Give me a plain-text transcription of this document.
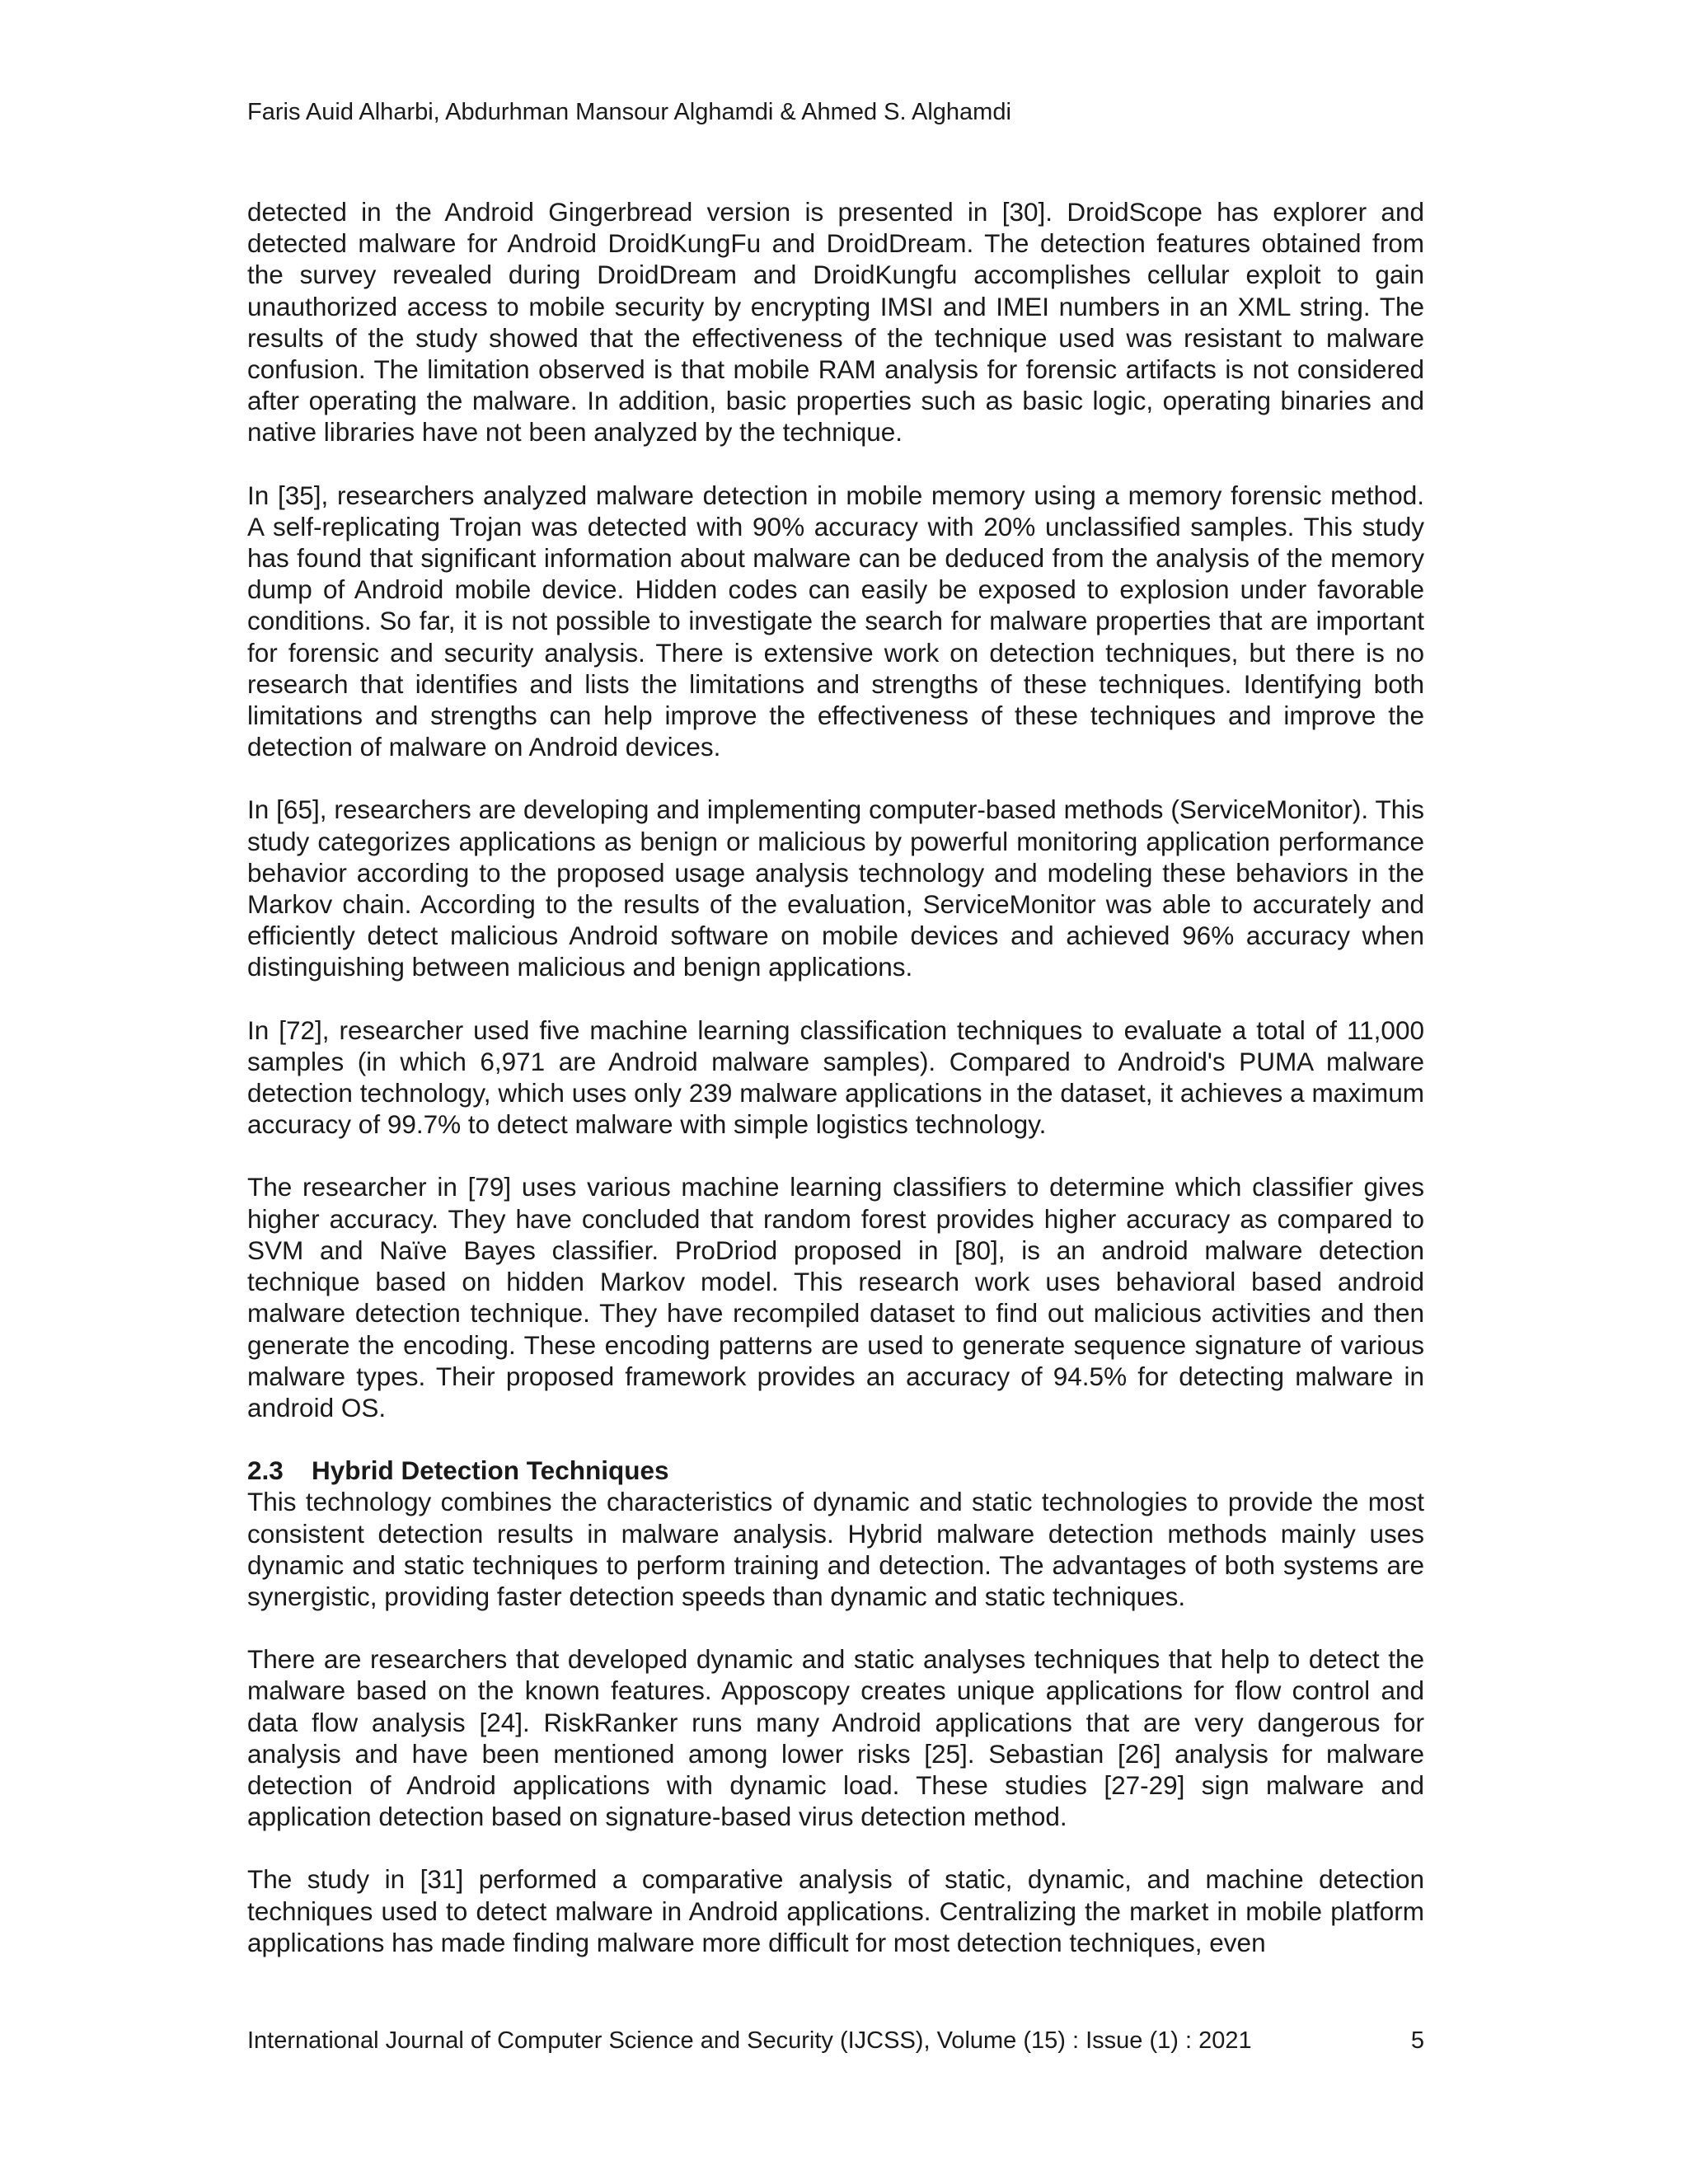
Faris Auid Alharbi, Abdurhman Mansour Alghamdi & Ahmed S. Alghamdi

detected in the Android Gingerbread version is presented in [30]. DroidScope has explorer and detected malware for Android DroidKungFu and DroidDream. The detection features obtained from the survey revealed during DroidDream and DroidKungfu accomplishes cellular exploit to gain unauthorized access to mobile security by encrypting IMSI and IMEI numbers in an XML string. The results of the study showed that the effectiveness of the technique used was resistant to malware confusion. The limitation observed is that mobile RAM analysis for forensic artifacts is not considered after operating the malware. In addition, basic properties such as basic logic, operating binaries and native libraries have not been analyzed by the technique.

In [35], researchers analyzed malware detection in mobile memory using a memory forensic method. A self-replicating Trojan was detected with 90% accuracy with 20% unclassified samples. This study has found that significant information about malware can be deduced from the analysis of the memory dump of Android mobile device. Hidden codes can easily be exposed to explosion under favorable conditions. So far, it is not possible to investigate the search for malware properties that are important for forensic and security analysis. There is extensive work on detection techniques, but there is no research that identifies and lists the limitations and strengths of these techniques. Identifying both limitations and strengths can help improve the effectiveness of these techniques and improve the detection of malware on Android devices.

In [65], researchers are developing and implementing computer-based methods (ServiceMonitor). This study categorizes applications as benign or malicious by powerful monitoring application performance behavior according to the proposed usage analysis technology and modeling these behaviors in the Markov chain. According to the results of the evaluation, ServiceMonitor was able to accurately and efficiently detect malicious Android software on mobile devices and achieved 96% accuracy when distinguishing between malicious and benign applications.

In [72], researcher used five machine learning classification techniques to evaluate a total of 11,000 samples (in which 6,971 are Android malware samples). Compared to Android's PUMA malware detection technology, which uses only 239 malware applications in the dataset, it achieves a maximum accuracy of 99.7% to detect malware with simple logistics technology.

The researcher in [79] uses various machine learning classifiers to determine which classifier gives higher accuracy. They have concluded that random forest provides higher accuracy as compared to SVM and Naïve Bayes classifier. ProDriod proposed in [80], is an android malware detection technique based on hidden Markov model. This research work uses behavioral based android malware detection technique. They have recompiled dataset to find out malicious activities and then generate the encoding. These encoding patterns are used to generate sequence signature of various malware types. Their proposed framework provides an accuracy of 94.5% for detecting malware in android OS.

2.3 Hybrid Detection Techniques

This technology combines the characteristics of dynamic and static technologies to provide the most consistent detection results in malware analysis. Hybrid malware detection methods mainly uses dynamic and static techniques to perform training and detection. The advantages of both systems are synergistic, providing faster detection speeds than dynamic and static techniques.

There are researchers that developed dynamic and static analyses techniques that help to detect the malware based on the known features. Apposcopy creates unique applications for flow control and data flow analysis [24]. RiskRanker runs many Android applications that are very dangerous for analysis and have been mentioned among lower risks [25]. Sebastian [26] analysis for malware detection of Android applications with dynamic load. These studies [27-29] sign malware and application detection based on signature-based virus detection method.

The study in [31] performed a comparative analysis of static, dynamic, and machine detection techniques used to detect malware in Android applications. Centralizing the market in mobile platform applications has made finding malware more difficult for most detection techniques, even

International Journal of Computer Science and Security (IJCSS), Volume (15) : Issue (1) : 2021	5
